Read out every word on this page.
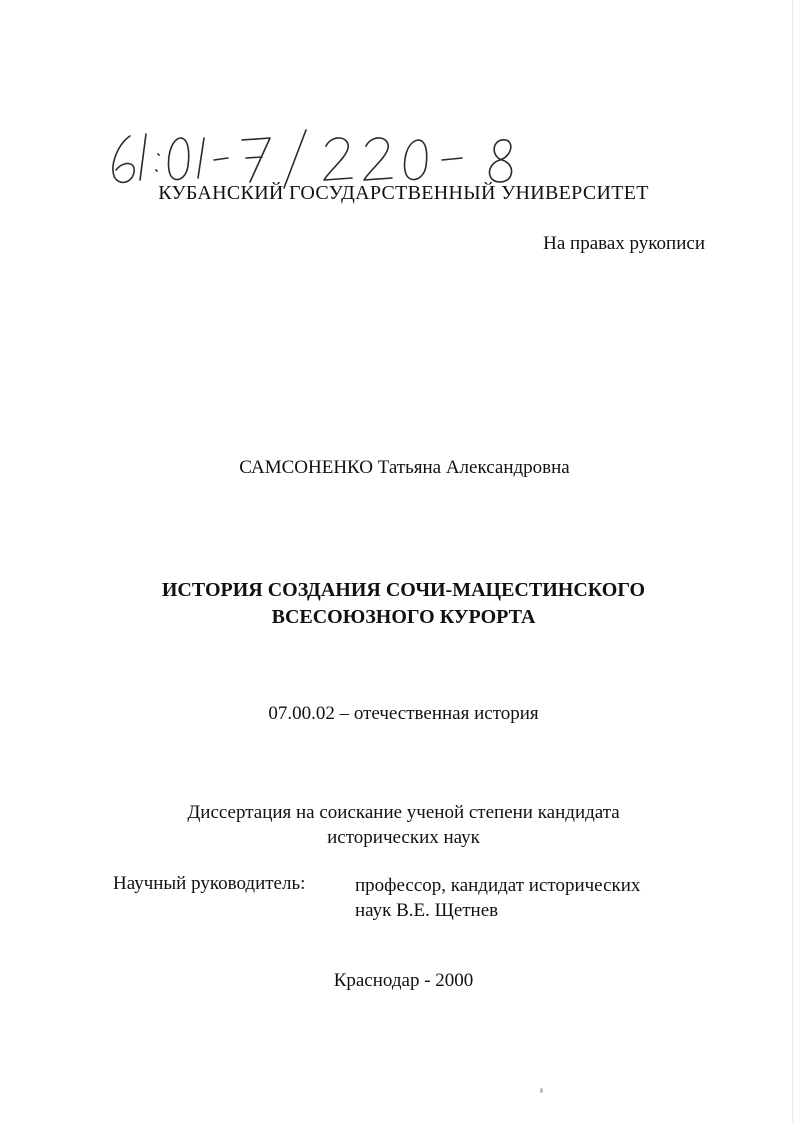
КУБАНСКИЙ ГОСУДАРСТВЕННЫЙ УНИВЕРСИТЕТ
На правах рукописи
САМСОНЕНКО Татьяна Александровна
ИСТОРИЯ СОЗДАНИЯ СОЧИ-МАЦЕСТИНСКОГО
ВСЕСОЮЗНОГО КУРОРТА
07.00.02 – отечественная история
Диссертация на соискание ученой степени кандидата
исторических наук
Научный руководитель:	профессор, кандидат исторических
наук В.Е. Щетнев
Краснодар - 2000
